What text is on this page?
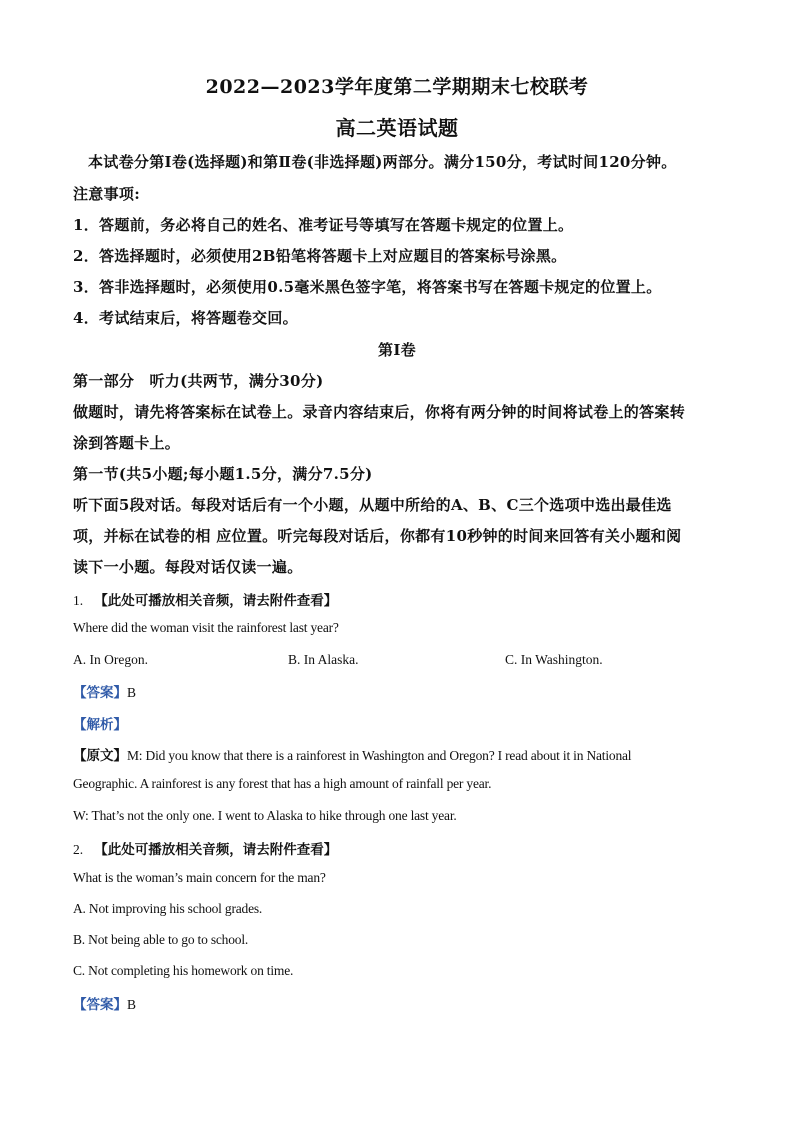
2022—2023学年度第二学期期末七校联考
高二英语试题
本试卷分第Ⅰ卷(选择题)和第Ⅱ卷(非选择题)两部分。满分150分，考试时间120分钟。
注意事项:
1．答题前，务必将自己的姓名、准考证号等填写在答题卡规定的位置上。
2．答选择题时，必须使用2B铅笔将答题卡上对应题目的答案标号涂黑。
3．答非选择题时，必须使用0.5毫米黑色签字笔，将答案书写在答题卡规定的位置上。
4．考试结束后，将答题卷交回。
第Ⅰ卷
第一部分　听力(共两节，满分30分)
做题时，请先将答案标在试卷上。录音内容结束后，你将有两分钟的时间将试卷上的答案转
涂到答题卡上。
第一节(共5小题;每小题1.5分，满分7.5分)
听下面5段对话。每段对话后有一个小题，从题中所给的A、B、C三个选项中选出最佳选
项，并标在试卷的相 应位置。听完每段对话后，你都有10秒钟的时间来回答有关小题和阅
读下一小题。每段对话仅读一遍。
1. 【此处可播放相关音频，请去附件查看】
Where did the woman visit the rainforest last year?
A. In Oregon.	B. In Alaska.	C. In Washington.
【答案】B
【解析】
【原文】M: Did you know that there is a rainforest in Washington and Oregon? I read about it in National
Geographic. A rainforest is any forest that has a high amount of rainfall per year.
W: That’s not the only one. I went to Alaska to hike through one last year.
2. 【此处可播放相关音频，请去附件查看】
What is the woman’s main concern for the man?
A. Not improving his school grades.
B. Not being able to go to school.
C. Not completing his homework on time.
【答案】B
